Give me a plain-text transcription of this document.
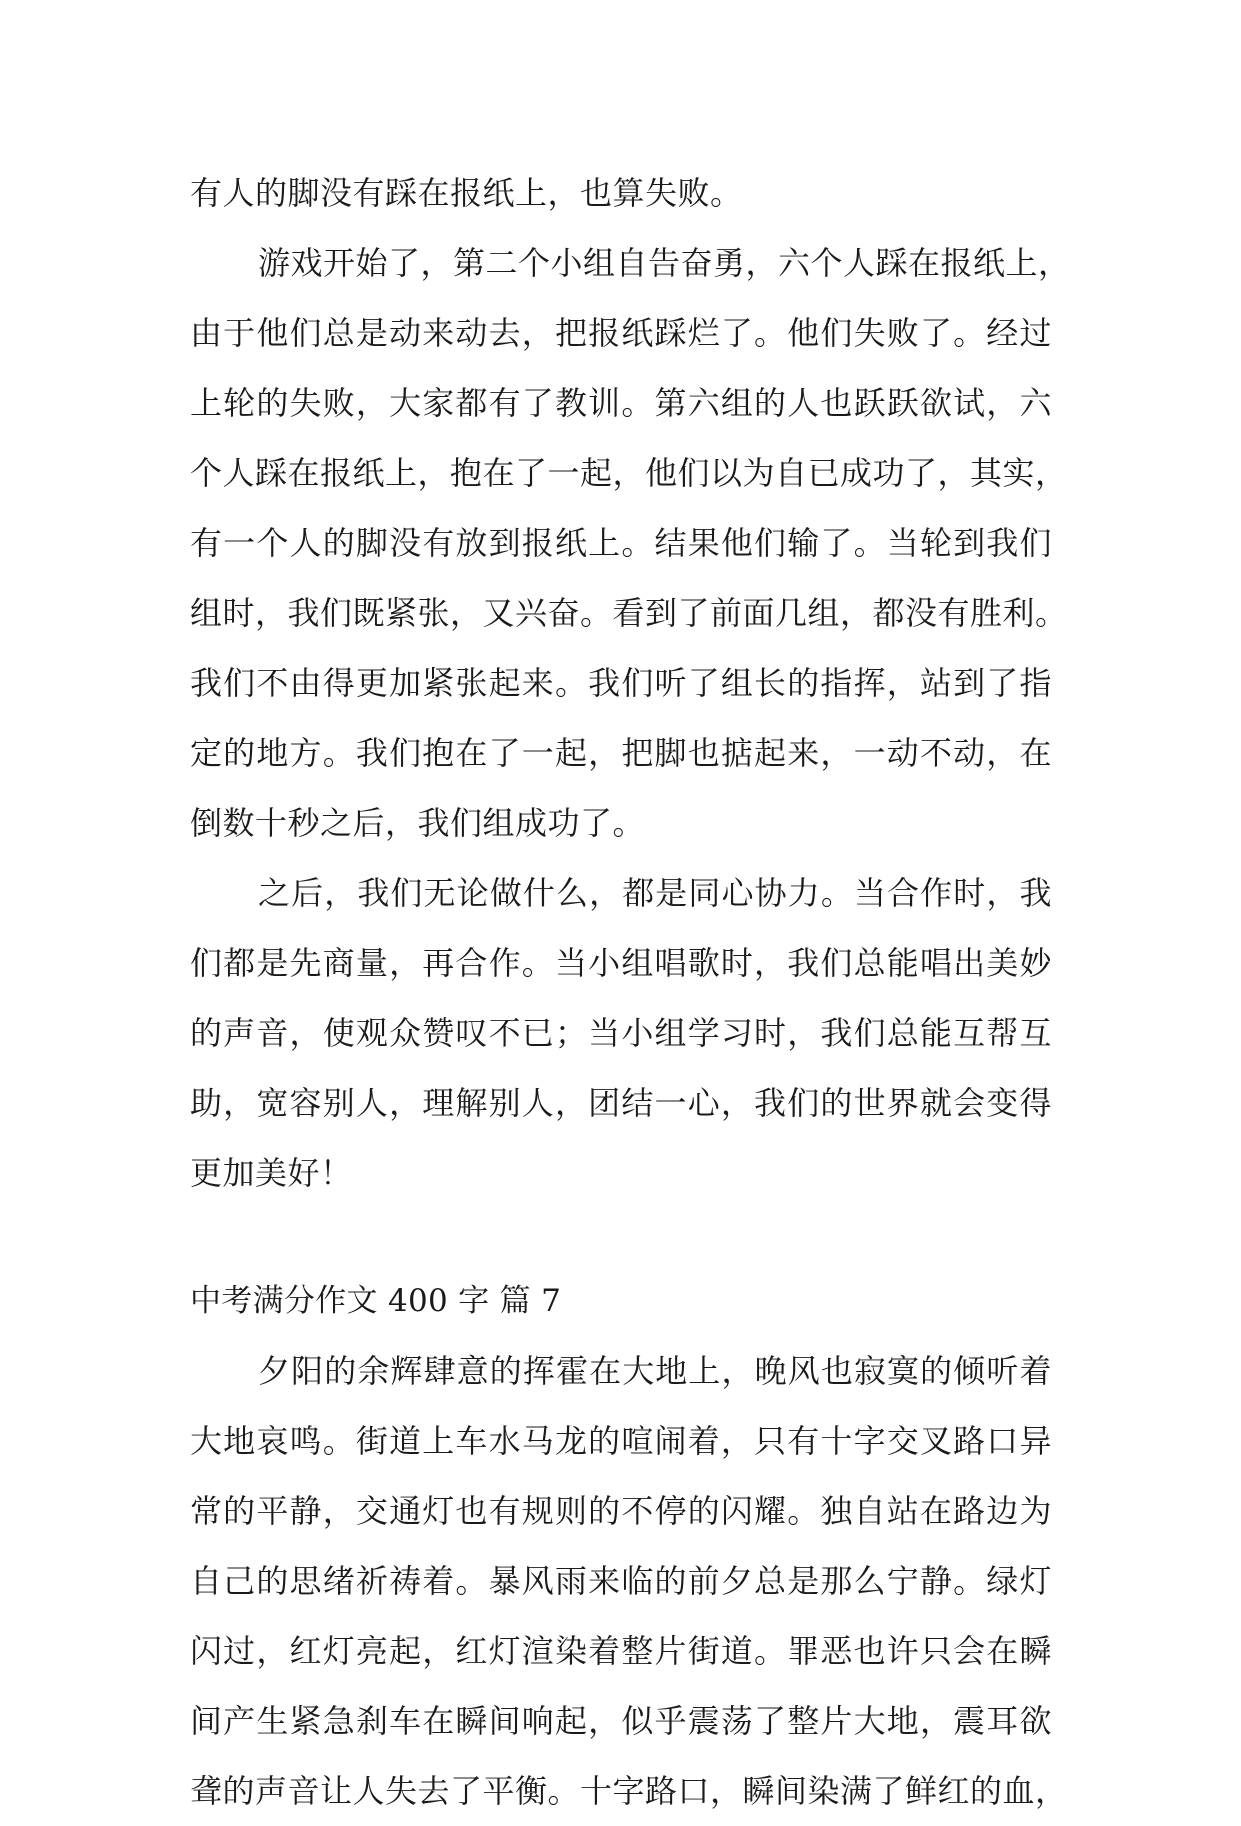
有人的脚没有踩在报纸上，也算失败。
游戏开始了，第二个小组自告奋勇，六个人踩在报纸上，
由于他们总是动来动去，把报纸踩烂了。他们失败了。经过
上轮的失败，大家都有了教训。第六组的人也跃跃欲试，六
个人踩在报纸上，抱在了一起，他们以为自已成功了，其实，
有一个人的脚没有放到报纸上。结果他们输了。当轮到我们
组时，我们既紧张，又兴奋。看到了前面几组，都没有胜利。
我们不由得更加紧张起来。我们听了组长的指挥，站到了指
定的地方。我们抱在了一起，把脚也掂起来，一动不动，在
倒数十秒之后，我们组成功了。
之后，我们无论做什么，都是同心协力。当合作时，我
们都是先商量，再合作。当小组唱歌时，我们总能唱出美妙
的声音，使观众赞叹不已；当小组学习时，我们总能互帮互
助，宽容别人，理解别人，团结一心，我们的世界就会变得
更加美好！
中考满分作文 400 字 篇 7
夕阳的余辉肆意的挥霍在大地上，晚风也寂寞的倾听着
大地哀鸣。街道上车水马龙的喧闹着，只有十字交叉路口异
常的平静，交通灯也有规则的不停的闪耀。独自站在路边为
自己的思绪祈祷着。暴风雨来临的前夕总是那么宁静。绿灯
闪过，红灯亮起，红灯渲染着整片街道。罪恶也许只会在瞬
间产生紧急刹车在瞬间响起，似乎震荡了整片大地，震耳欲
聋的声音让人失去了平衡。十字路口，瞬间染满了鲜红的血，
